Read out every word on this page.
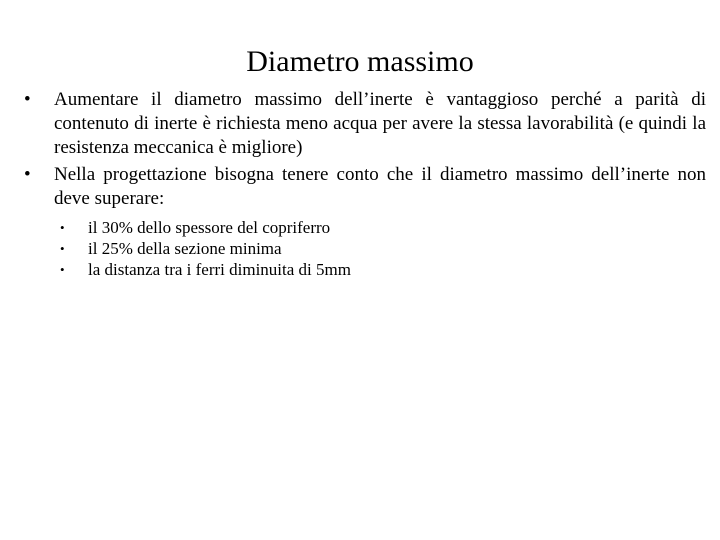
Diametro massimo
•	Aumentare il diametro massimo dell’inerte è vantaggioso perché a parità di contenuto di inerte è richiesta meno acqua per avere la stessa lavorabilità (e quindi la resistenza meccanica è migliore)
•	Nella progettazione bisogna tenere conto che il diametro massimo dell’inerte non deve superare:
• il 30% dello spessore del copriferro
• il 25% della sezione minima
• la distanza tra i ferri diminuita di 5mm
